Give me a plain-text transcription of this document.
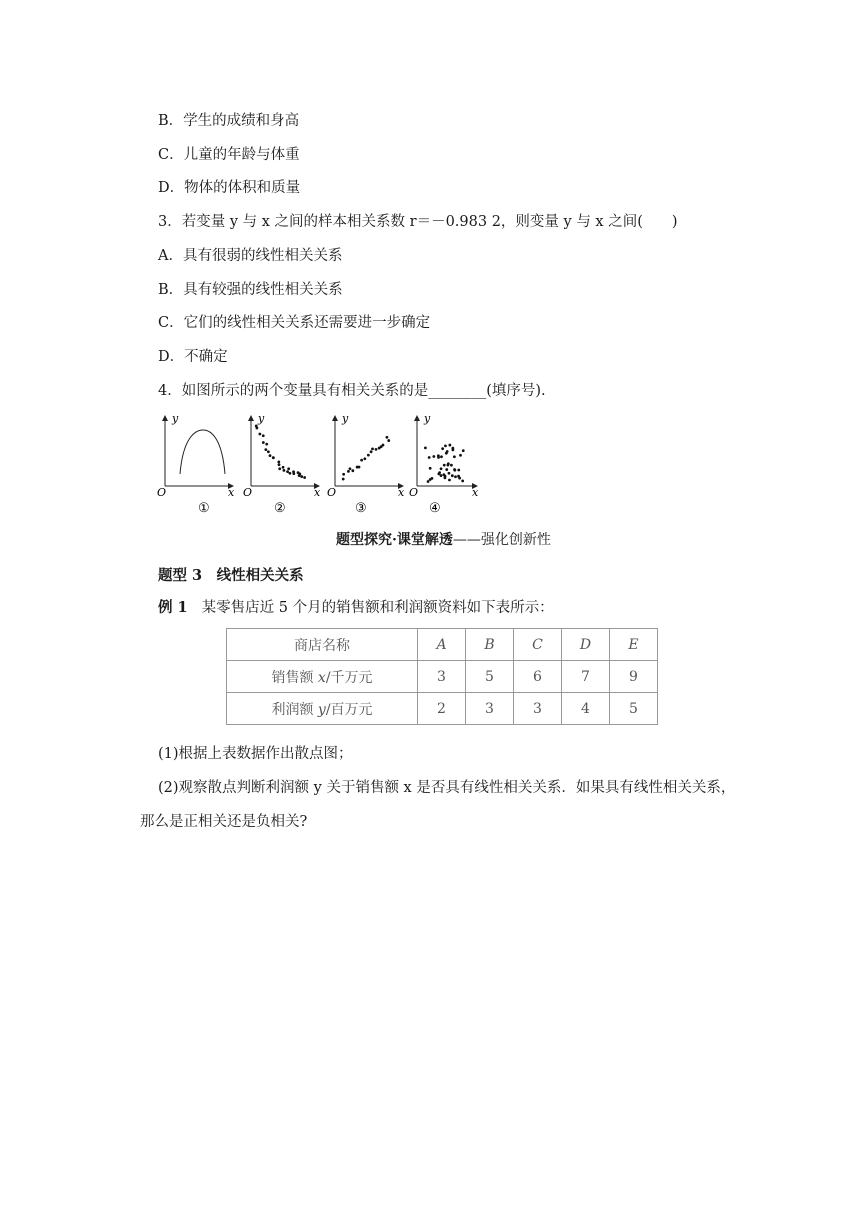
B．学生的成绩和身高
C．儿童的年龄与体重
D．物体的体积和质量
3．若变量 y 与 x 之间的样本相关系数 r＝－0.983 2，则变量 y 与 x 之间(　　)
A．具有很弱的线性相关关系
B．具有较强的线性相关关系
C．它们的线性相关关系还需要进一步确定
D．不确定
4．如图所示的两个变量具有相关关系的是________(填序号).
y
O	x
①
y
O	x
②
y
O	x
③
y
O	x
④
题型探究·课堂解透——强化创新性
题型 3　线性相关关系
例 1 某零售店近 5 个月的销售额和利润额资料如下表所示：
商店名称	A	B	C	D	E
销售额 x/千万元	3	5	6	7	9
利润额 y/百万元	2	3	3	4	5
(1)根据上表数据作出散点图；
(2)观察散点判断利润额 y 关于销售额 x 是否具有线性相关关系．如果具有线性相关关系，
那么是正相关还是负相关?
